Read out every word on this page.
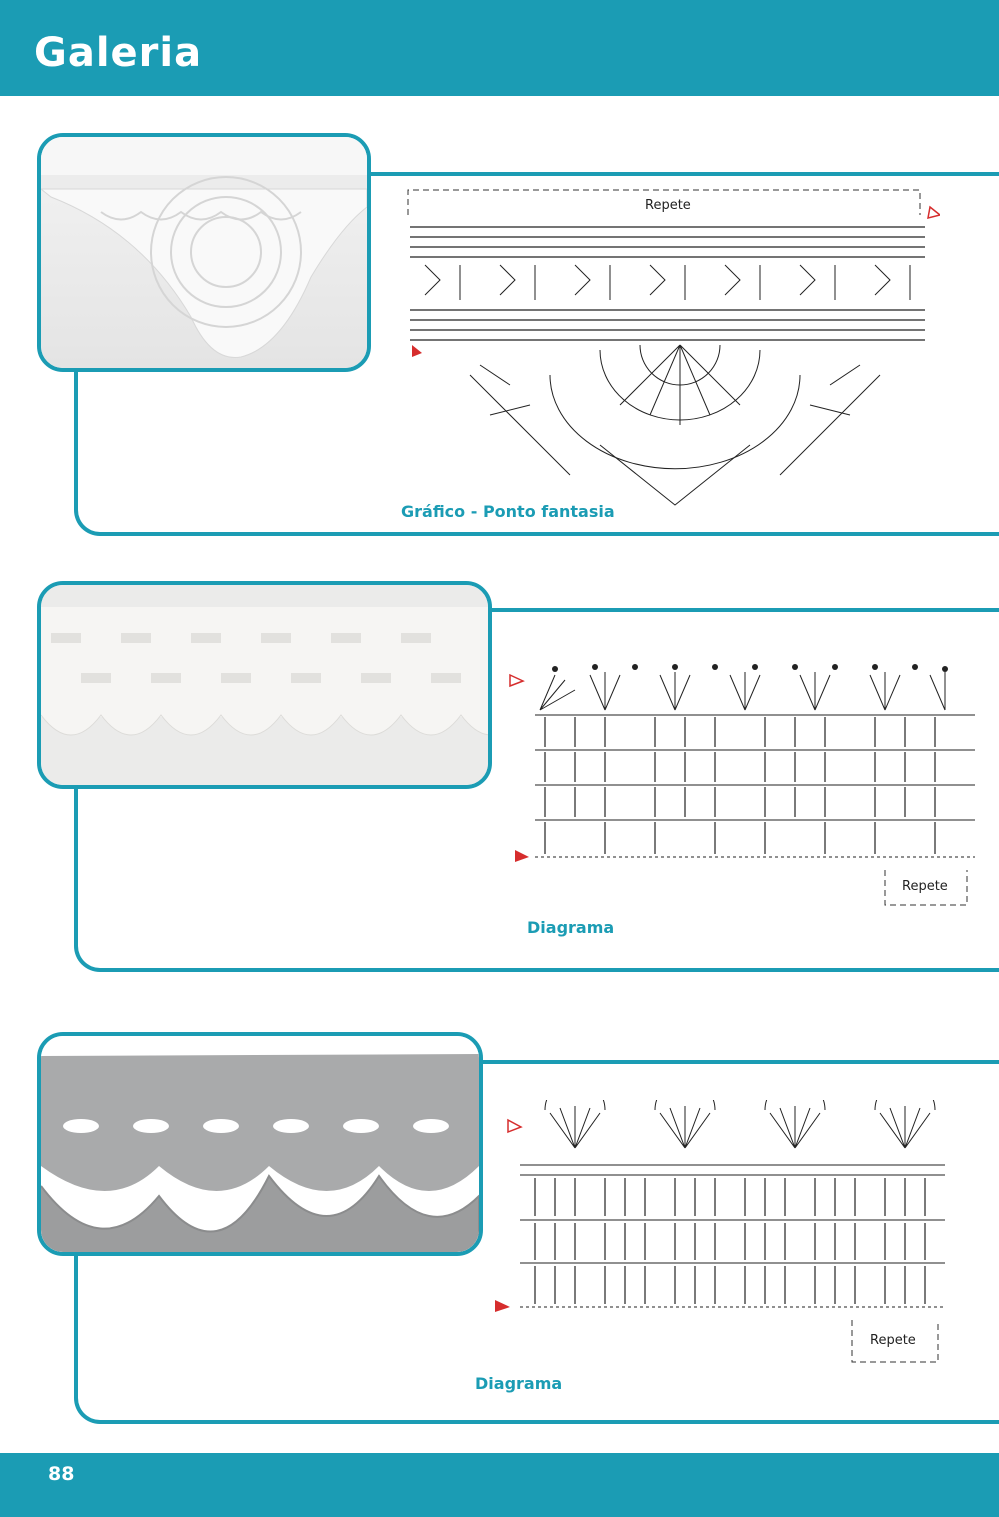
Galeria
Repete
Gráfico - Ponto fantasia
Repete
Diagrama
Repete
Diagrama
88
